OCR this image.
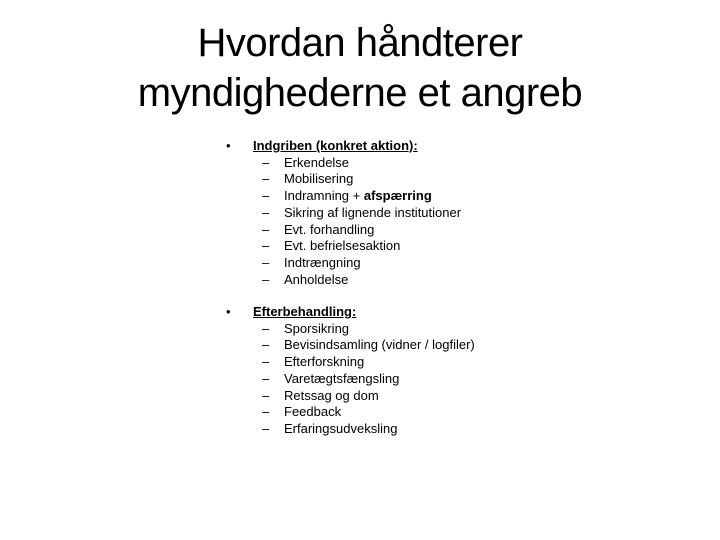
Hvordan håndterer
myndighederne et angreb
• Indgriben (konkret aktion):
– Erkendelse
– Mobilisering
– Indramning + afspærring
– Sikring af lignende institutioner
– Evt. forhandling
– Evt. befrielsesaktion
– Indtrængning
– Anholdelse
• Efterbehandling:
– Sporsikring
– Bevisindsamling (vidner / logfiler)
– Efterforskning
– Varetægtsfængsling
– Retssag og dom
– Feedback
– Erfaringsudveksling
